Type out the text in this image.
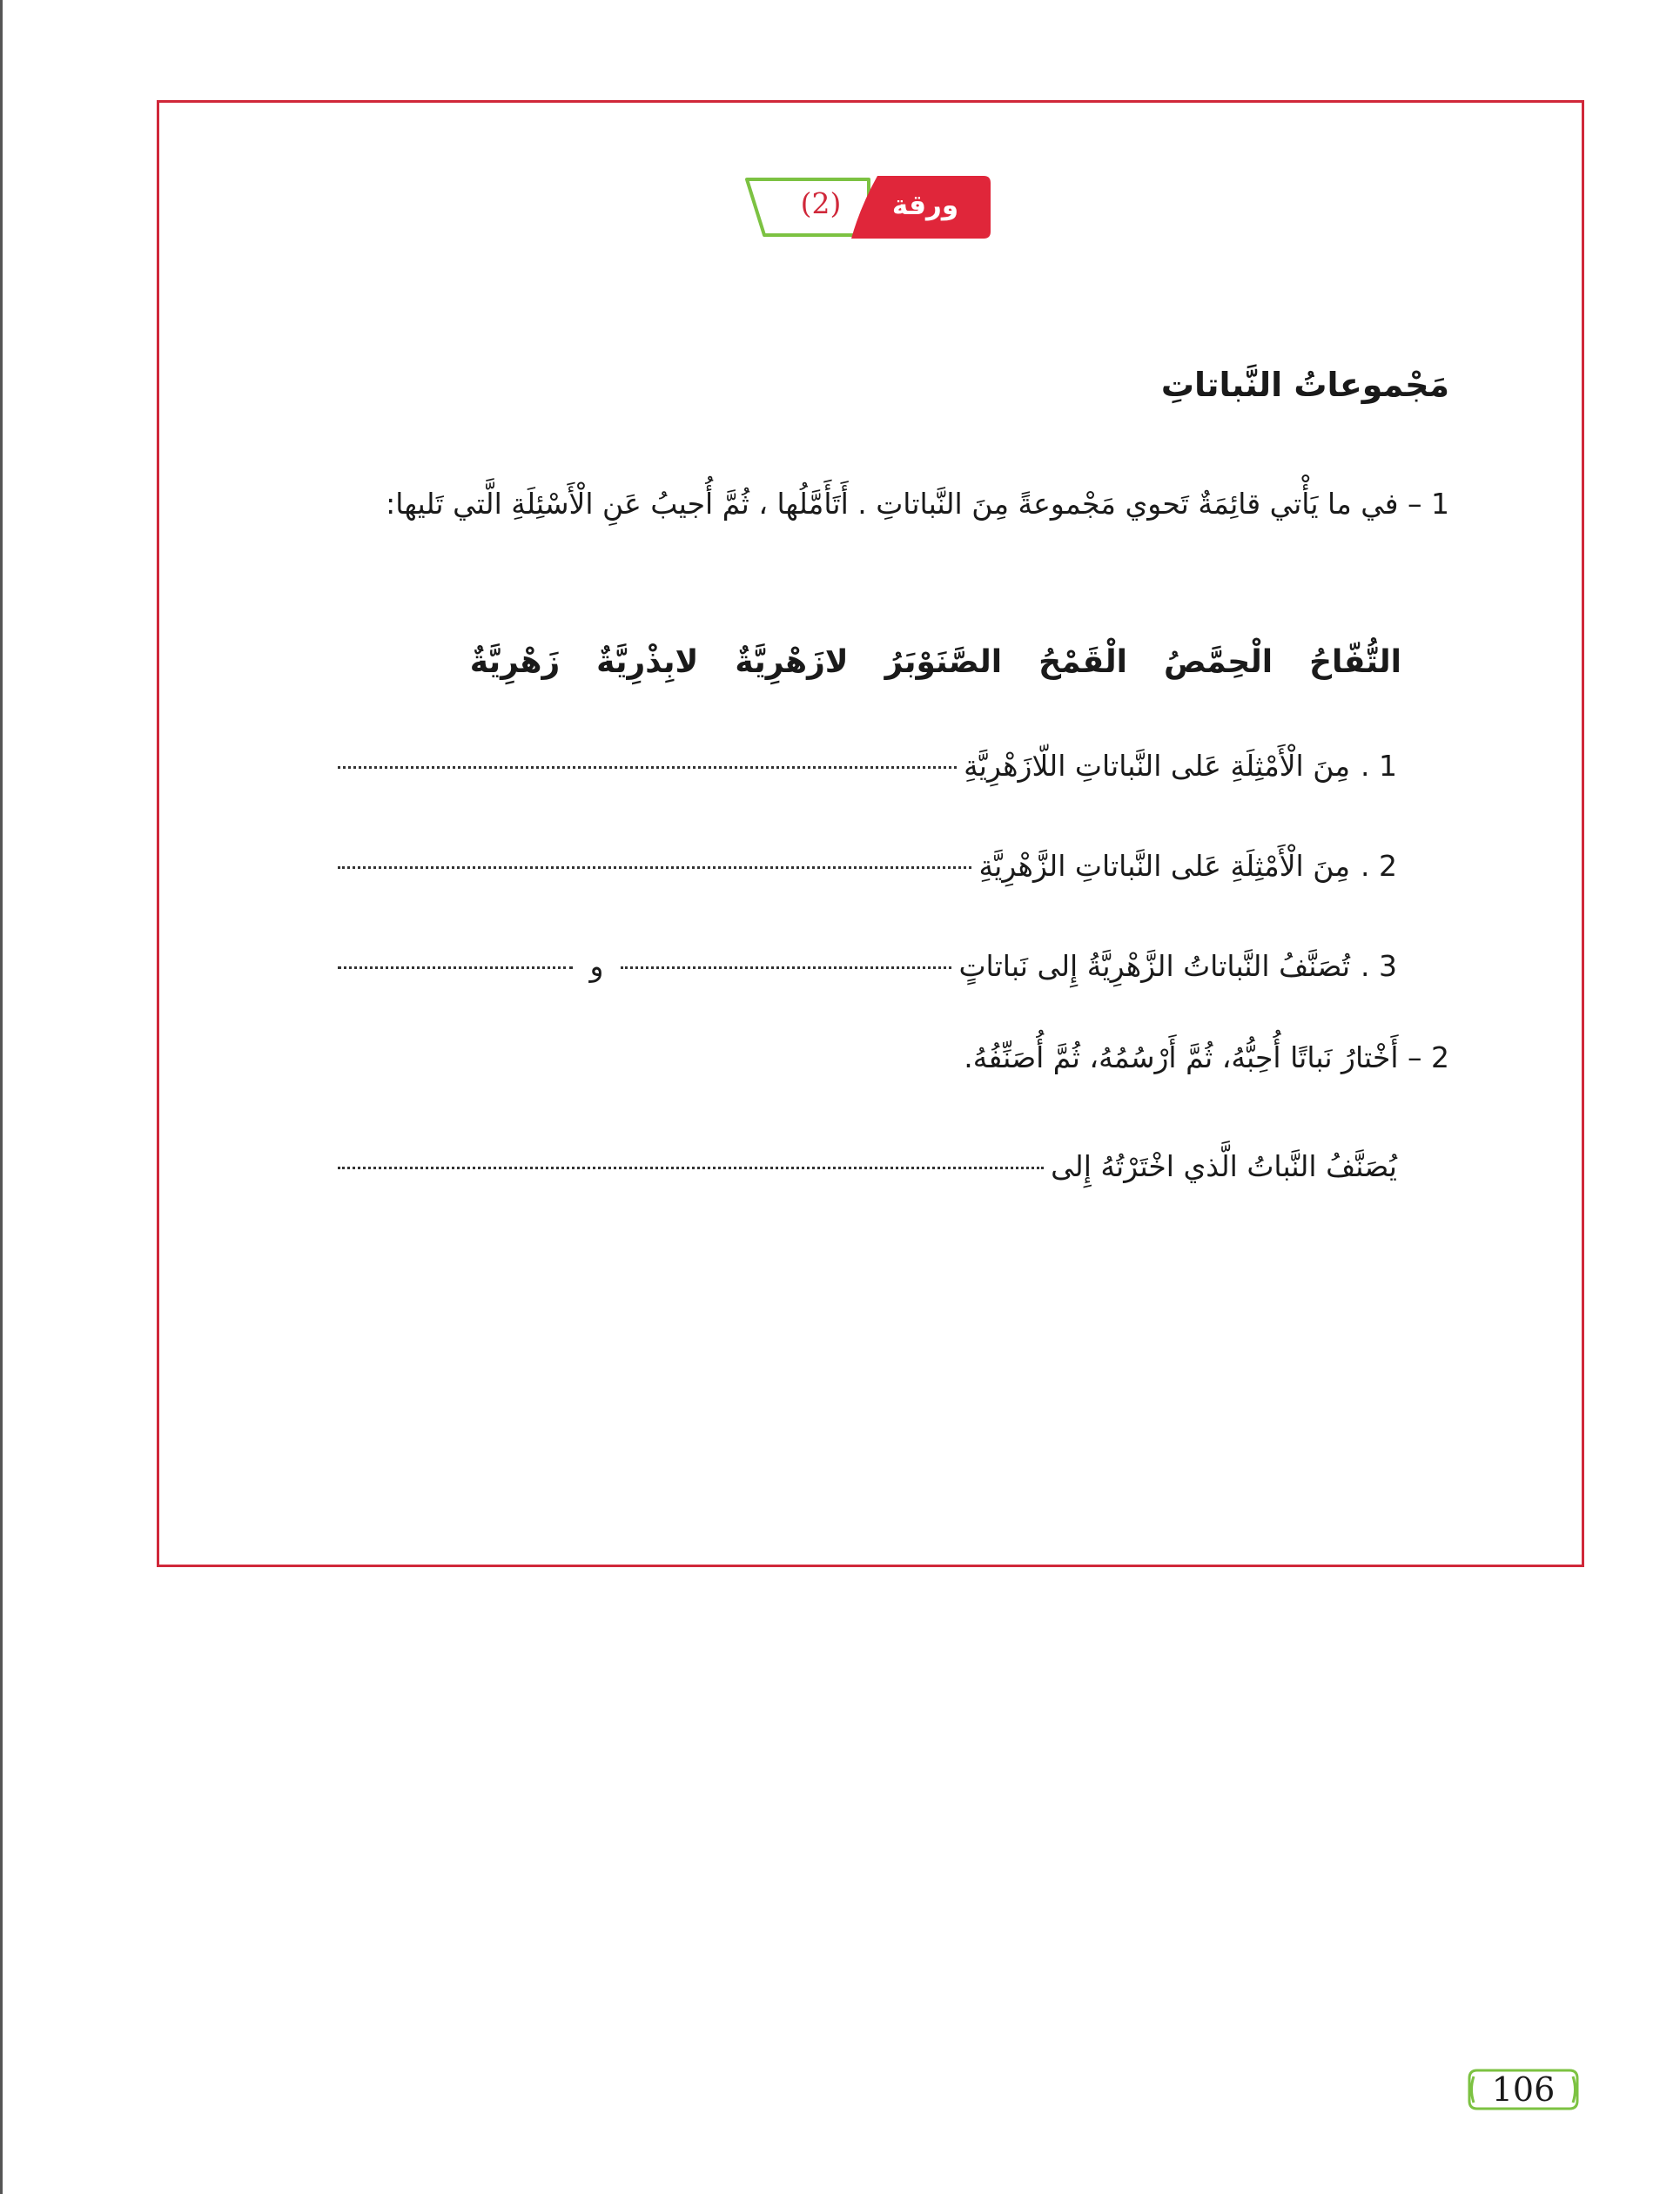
(2)	ورقة عمل
مَجْموعاتُ النَّباتاتِ
1 – في ما يَأْتي قائِمَةٌ تَحوي مَجْموعةً مِنَ النَّباتاتِ . أَتَأَمَّلُها ، ثُمَّ أُجيبُ عَنِ الْأَسْئِلَةِ الَّتي تَليها:
التُّفّاحُ
الْحِمَّصُ
الْقَمْحُ
الصَّنَوْبَرُ
لازَهْرِيَّةٌ
لابِذْرِيَّةٌ
زَهْرِيَّةٌ
1 .
مِنَ الْأَمْثِلَةِ عَلى النَّباتاتِ اللّازَهْرِيَّةِ
2 .
مِنَ الْأَمْثِلَةِ عَلى النَّباتاتِ الزَّهْرِيَّةِ
3 .
تُصَنَّفُ النَّباتاتُ الزَّهْرِيَّةُ إِلى نَباتاتٍ
و
2 – أَخْتارُ نَباتًا أُحِبُّهُ، ثُمَّ أَرْسُمُهُ، ثُمَّ أُصَنِّفُهُ.
يُصَنَّفُ النَّباتُ الَّذي اخْتَرْتُهُ إِلى
106
